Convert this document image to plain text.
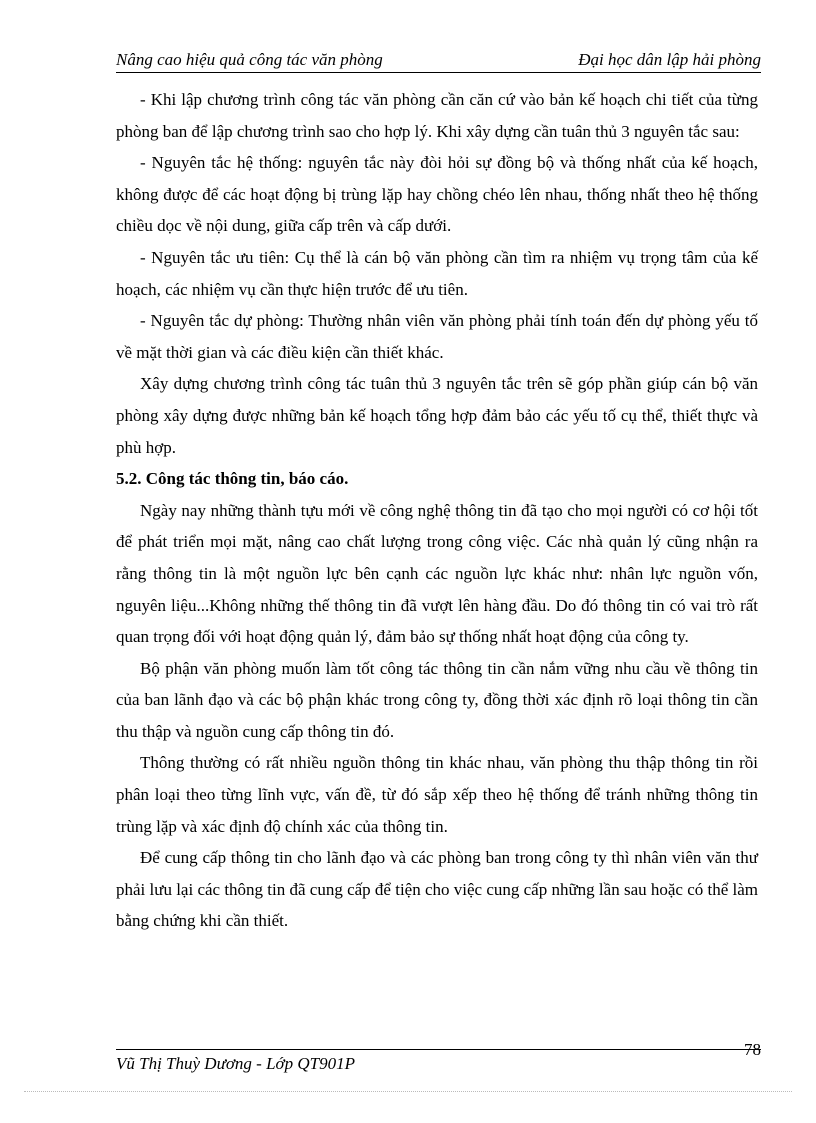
Nâng cao hiệu quả công tác văn phòng	Đại học dân lập hải phòng

- Khi lập chương trình công tác văn phòng cần căn cứ vào bản kế hoạch chi tiết của từng phòng ban để lập chương trình sao cho hợp lý. Khi xây dựng cần tuân thủ 3 nguyên tắc sau:

- Nguyên tắc hệ thống: nguyên tắc này đòi hỏi sự đồng bộ và thống nhất của kế hoạch, không được để các hoạt động bị trùng lặp hay chồng chéo lên nhau, thống nhất theo hệ thống chiều dọc về nội dung, giữa cấp trên và cấp dưới.

- Nguyên tắc ưu tiên: Cụ thể là cán bộ văn phòng cần tìm ra nhiệm vụ trọng tâm của kế hoạch, các nhiệm vụ cần thực hiện trước để ưu tiên.

- Nguyên tắc dự phòng: Thường nhân viên văn phòng phải tính toán đến dự phòng yếu tố về mặt thời gian và các điều kiện cần thiết khác.

Xây dựng chương trình công tác tuân thủ 3 nguyên tắc trên sẽ góp phần giúp cán bộ văn phòng xây dựng được những bản kế hoạch tổng hợp đảm bảo các yếu tố cụ thể, thiết thực và phù hợp.

5.2. Công tác thông tin, báo cáo.

Ngày nay những thành tựu mới về công nghệ thông tin đã tạo cho mọi người có cơ hội tốt để phát triển mọi mặt, nâng cao chất lượng trong công việc. Các nhà quản lý cũng nhận ra rằng thông tin là một nguồn lực bên cạnh các nguồn lực khác như: nhân lực nguồn vốn, nguyên liệu...Không những thế thông tin đã vượt lên hàng đầu. Do đó thông tin có vai trò rất quan trọng đối với hoạt động quản lý, đảm bảo sự thống nhất hoạt động của công ty.

Bộ phận văn phòng muốn làm tốt công tác thông tin cần nắm vững nhu cầu về thông tin của ban lãnh đạo và các bộ phận khác trong công ty, đồng thời xác định rõ loại thông tin cần thu thập và nguồn cung cấp thông tin đó.

Thông thường có rất nhiều nguồn thông tin khác nhau, văn phòng thu thập thông tin rồi phân loại theo từng lĩnh vực, vấn đề, từ đó sắp xếp theo hệ thống để tránh những thông tin trùng lặp và xác định độ chính xác của thông tin.

Để cung cấp thông tin cho lãnh đạo và các phòng ban trong công ty thì nhân viên văn thư phải lưu lại các thông tin đã cung cấp để tiện cho việc cung cấp những lần sau hoặc có thể làm bằng chứng khi cần thiết.

Vũ Thị Thuỳ Dương - Lớp QT901P
78
